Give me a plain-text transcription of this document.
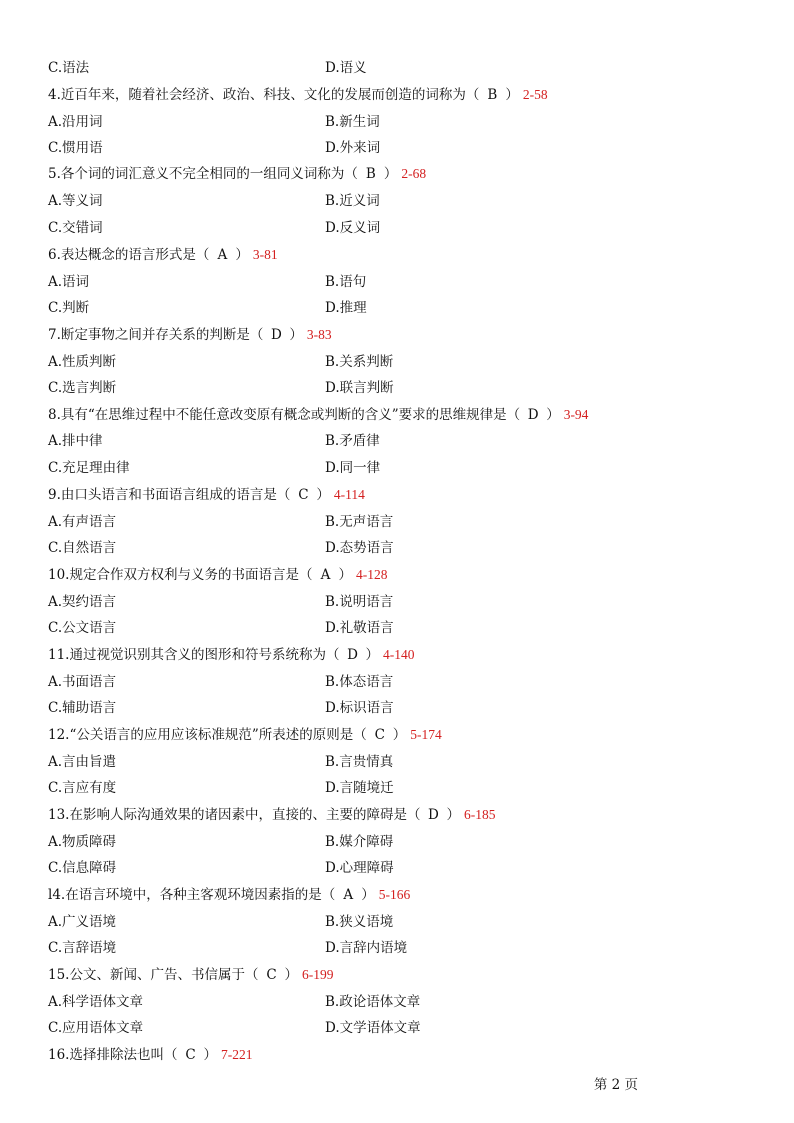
C.语法	D.语义
4.近百年来，随着社会经济、政治、科技、文化的发展而创造的词称为（ B ） 2-58
A.沿用词	B.新生词
C.惯用语	D.外来词
5.各个词的词汇意义不完全相同的一组同义词称为（ B ） 2-68
A.等义词	B.近义词
C.交错词	D.反义词
6.表达概念的语言形式是（ A ） 3-81
A.语词	B.语句
C.判断	D.推理
7.断定事物之间并存关系的判断是（ D ） 3-83
A.性质判断	B.关系判断
C.选言判断	D.联言判断
8.具有“在思维过程中不能任意改变原有概念或判断的含义”要求的思维规律是（ D ） 3-94
A.排中律	B.矛盾律
C.充足理由律	D.同一律
9.由口头语言和书面语言组成的语言是（ C ） 4-114
A.有声语言	B.无声语言
C.自然语言	D.态势语言
10.规定合作双方权利与义务的书面语言是（ A ） 4-128
A.契约语言	B.说明语言
C.公文语言	D.礼敬语言
11.通过视觉识别其含义的图形和符号系统称为（ D ） 4-140
A.书面语言	B.体态语言
C.辅助语言	D.标识语言
12.“公关语言的应用应该标准规范”所表述的原则是（ C ） 5-174
A.言由旨遣	B.言贵情真
C.言应有度	D.言随境迁
13.在影响人际沟通效果的诸因素中，直接的、主要的障碍是（ D ） 6-185
A.物质障碍	B.媒介障碍
C.信息障碍	D.心理障碍
l4.在语言环境中，各种主客观环境因素指的是（ A ） 5-166
A.广义语境	B.狭义语境
C.言辞语境	D.言辞内语境
15.公文、新闻、广告、书信属于（ C ） 6-199
A.科学语体文章	B.政论语体文章
C.应用语体文章	D.文学语体文章
16.选择排除法也叫（ C ） 7-221
第 2 页
